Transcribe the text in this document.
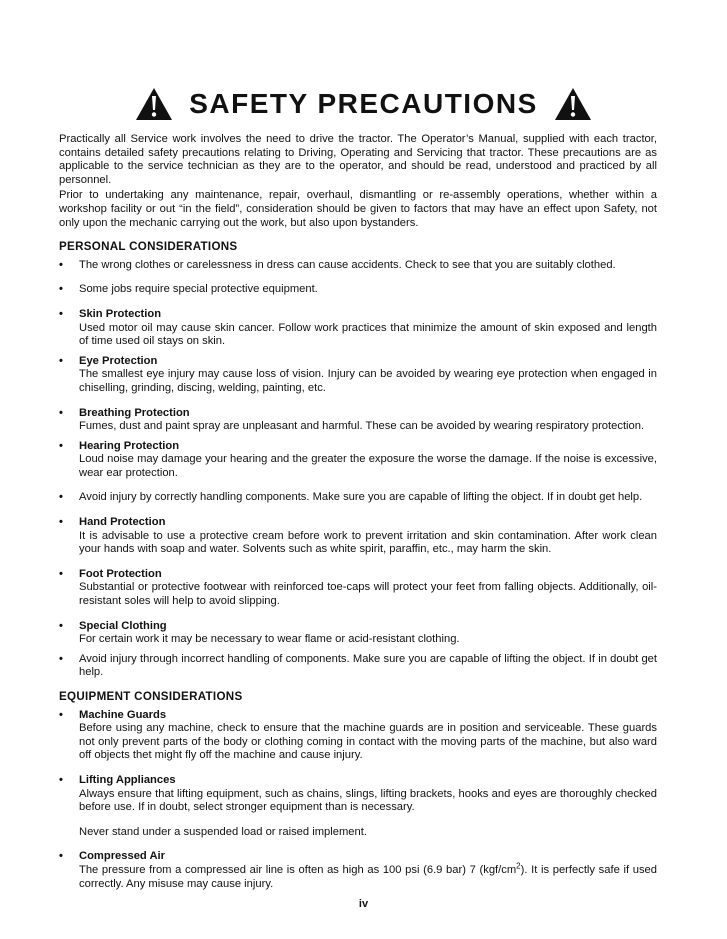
SAFETY PRECAUTIONS

Practically all Service work involves the need to drive the tractor. The Operator’s Manual, supplied with each tractor, contains detailed safety precautions relating to Driving, Operating and Servicing that tractor. These precautions are as applicable to the service technician as they are to the operator, and should be read, understood and practiced by all personnel.

Prior to undertaking any maintenance, repair, overhaul, dismantling or re-assembly operations, whether within a workshop facility or out “in the field”, consideration should be given to factors that may have an effect upon Safety, not only upon the mechanic carrying out the work, but also upon bystanders.

PERSONAL CONSIDERATIONS
• The wrong clothes or carelessness in dress can cause accidents. Check to see that you are suitably clothed.
• Some jobs require special protective equipment.
• Skin Protection
Used motor oil may cause skin cancer. Follow work practices that minimize the amount of skin exposed and length of time used oil stays on skin.
• Eye Protection
The smallest eye injury may cause loss of vision. Injury can be avoided by wearing eye protection when engaged in chiselling, grinding, discing, welding, painting, etc.
• Breathing Protection
Fumes, dust and paint spray are unpleasant and harmful. These can be avoided by wearing respiratory protection.
• Hearing Protection
Loud noise may damage your hearing and the greater the exposure the worse the damage. If the noise is excessive, wear ear protection.
• Avoid injury by correctly handling components. Make sure you are capable of lifting the object. If in doubt get help.
• Hand Protection
It is advisable to use a protective cream before work to prevent irritation and skin contamination. After work clean your hands with soap and water. Solvents such as white spirit, paraffin, etc., may harm the skin.
• Foot Protection
Substantial or protective footwear with reinforced toe-caps will protect your feet from falling objects. Additionally, oil-resistant soles will help to avoid slipping.
• Special Clothing
For certain work it may be necessary to wear flame or acid-resistant clothing.
• Avoid injury through incorrect handling of components. Make sure you are capable of lifting the object. If in doubt get help.
EQUIPMENT CONSIDERATIONS
• Machine Guards
Before using any machine, check to ensure that the machine guards are in position and serviceable. These guards not only prevent parts of the body or clothing coming in contact with the moving parts of the machine, but also ward off objects thet might fly off the machine and cause injury.
• Lifting Appliances
Always ensure that lifting equipment, such as chains, slings, lifting brackets, hooks and eyes are thoroughly checked before use. If in doubt, select stronger equipment than is necessary.
Never stand under a suspended load or raised implement.
• Compressed Air
The pressure from a compressed air line is often as high as 100 psi (6.9 bar) 7 $(kgf/cm^2)$. It is perfectly safe if used correctly. Any misuse may cause injury.
iv
